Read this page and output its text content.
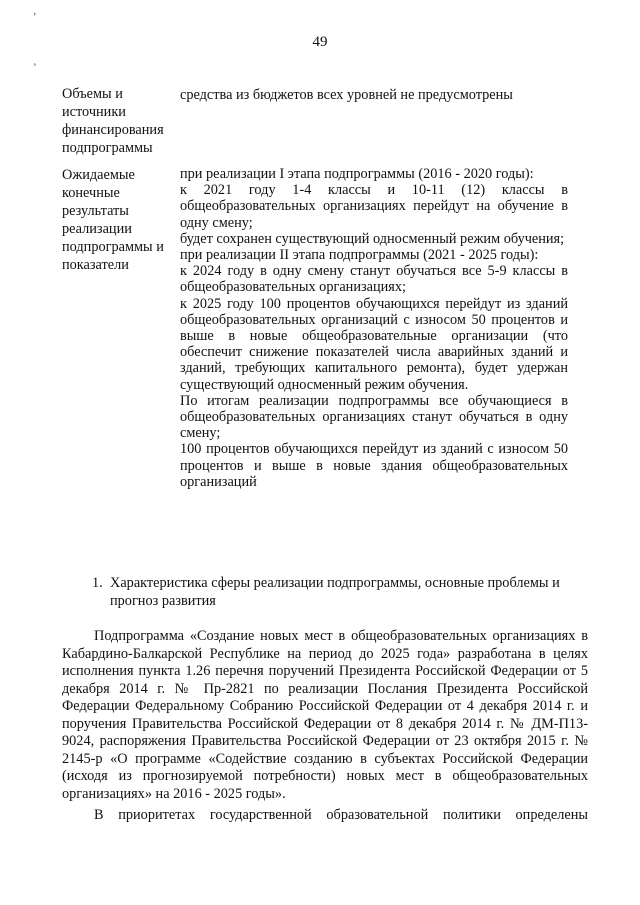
’
¸
49
Объемы и источники финансирования подпрограммы

средства из бюджетов всех уровней не предусмотрены

Ожидаемые конечные результаты реализации подпрограммы и показатели

при реализации I этапа подпрограммы (2016 - 2020 годы):

к 2021 году 1-4 классы и 10-11 (12) классы в общеобразовательных организациях перейдут на обучение в одну смену;

будет сохранен существующий односменный режим обучения;

при реализации II этапа подпрограммы (2021 - 2025 годы):

к 2024 году в одну смену станут обучаться все 5-9 классы в общеобразовательных организациях;

к 2025 году 100 процентов обучающихся перейдут из зданий общеобразовательных организаций с износом 50 процентов и выше в новые общеобразовательные организации (что обеспечит снижение показателей числа аварийных зданий и зданий, требующих капитального ремонта), будет удержан существующий односменный режим обучения.

По итогам реализации подпрограммы все обучающиеся в общеобразовательных организациях станут обучаться в одну смену;

100 процентов обучающихся перейдут из зданий с износом 50 процентов и выше в новые здания общеобразовательных организаций

1. Характеристика сферы реализации подпрограммы, основные проблемы и прогноз развития

Подпрограмма «Создание новых мест в общеобразовательных организациях в Кабардино-Балкарской Республике на период до 2025 года» разработана в целях исполнения пункта 1.26 перечня поручений Президента Российской Федерации от 5 декабря 2014 г. № Пр-2821 по реализации Послания Президента Российской Федерации Федеральному Собранию Российской Федерации от 4 декабря 2014 г. и поручения Правительства Российской Федерации от 8 декабря 2014 г. № ДМ-П13-9024, распоряжения Правительства Российской Федерации от 23 октября 2015 г. № 2145-р «О программе «Содействие созданию в субъектах Российской Федерации (исходя из прогнозируемой потребности) новых мест в общеобразовательных организациях» на 2016 - 2025 годы».

В приоритетах государственной образовательной политики определены
